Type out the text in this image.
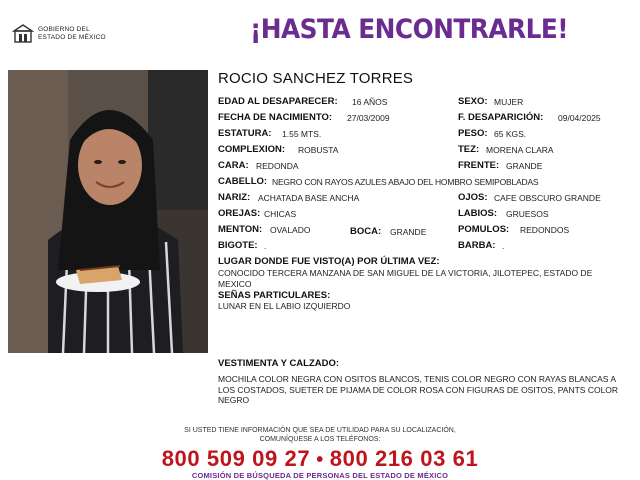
GOBIERNO DEL
ESTADO DE MÉXICO	¡HASTA ENCONTRARLE!
ROCIO SANCHEZ TORRES
EDAD AL DESAPARECER: 16 AÑOS
FECHA DE NACIMIENTO: 27/03/2009
ESTATURA: 1.55 MTS.
COMPLEXION: ROBUSTA
CARA: REDONDA
CABELLO: NEGRO CON RAYOS AZULES ABAJO DEL HOMBRO SEMIPOBLADAS
NARIZ: ACHATADA BASE ANCHA
OREJAS: CHICAS
MENTON: OVALADO	BOCA: GRANDE
BIGOTE: .
SEXO: MUJER
F. DESAPARICIÓN: 09/04/2025
PESO: 65 KGS.
TEZ: MORENA CLARA
FRENTE: GRANDE
OJOS: CAFE OBSCURO GRANDE
LABIOS: GRUESOS
POMULOS: REDONDOS
BARBA: .
LUGAR DONDE FUE VISTO(A) POR ÚLTIMA VEZ:
CONOCIDO TERCERA MANZANA DE SAN MIGUEL DE LA VICTORIA, JILOTEPEC, ESTADO DE MEXICO
SEÑAS PARTICULARES:
LUNAR EN EL LABIO IZQUIERDO
VESTIMENTA Y CALZADO:
MOCHILA COLOR NEGRA CON OSITOS BLANCOS, TENIS COLOR NEGRO CON RAYAS BLANCAS A LOS COSTADOS, SUETER DE PIJAMA DE COLOR ROSA CON FIGURAS DE OSITOS, PANTS COLOR NEGRO
SI USTED TIENE INFORMACIÓN QUE SEA DE UTILIDAD PARA SU LOCALIZACIÓN,
COMUNÍQUESE A LOS TELÉFONOS:
800 509 09 27 • 800 216 03 61
COMISIÓN DE BÚSQUEDA DE PERSONAS DEL ESTADO DE MÉXICO
